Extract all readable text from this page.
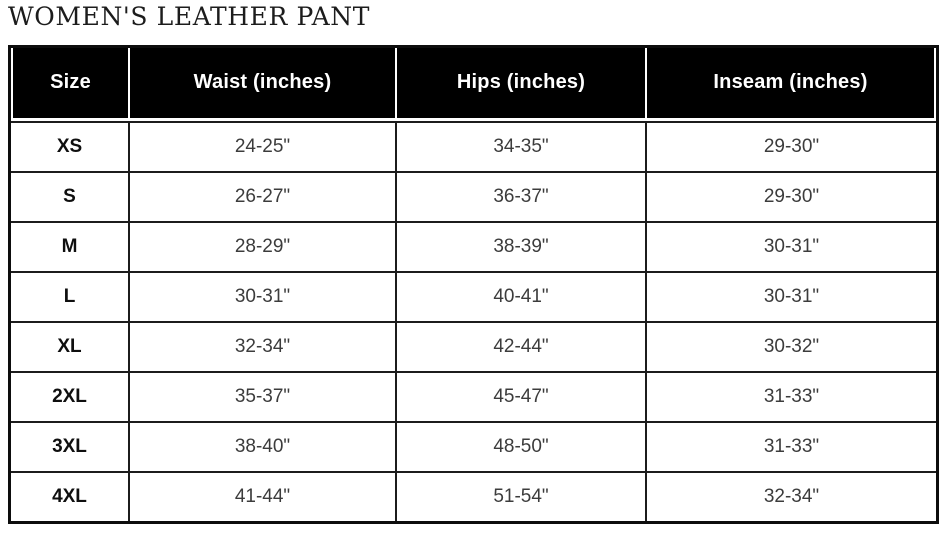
WOMEN'S LEATHER PANT
Size	Waist (inches)	Hips (inches)	Inseam (inches)
XS	24-25"	34-35"	29-30"
S	26-27"	36-37"	29-30"
M	28-29"	38-39"	30-31"
L	30-31"	40-41"	30-31"
XL	32-34"	42-44"	30-32"
2XL	35-37"	45-47"	31-33"
3XL	38-40"	48-50"	31-33"
4XL	41-44"	51-54"	32-34"
